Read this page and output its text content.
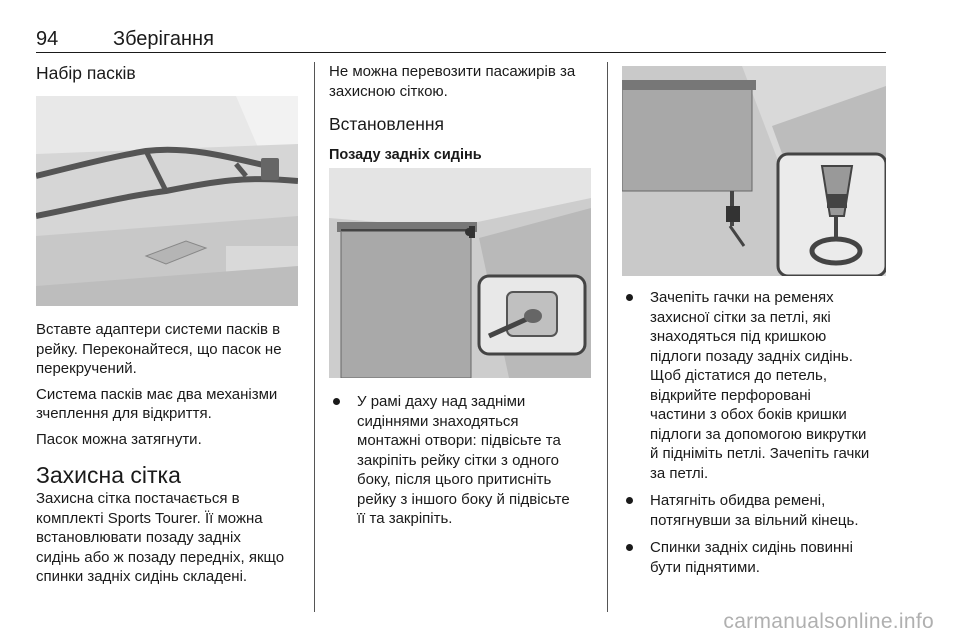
94	Зберігання
Набір пасків

Вставте адаптери системи пасків в
рейку. Переконайтеся, що пасок не
перекручений.

Система пасків має два механізми
зчеплення для відкриття.

Пасок можна затягнути.

Захисна сітка

Захисна сітка постачається в
комплекті Sports Tourer. Її можна
встановлювати позаду задніх
сидінь або ж позаду передніх, якщо
спинки задніх сидінь складені.

Не можна перевозити пасажирів за
захисною сіткою.

Встановлення
Позаду задніх сидінь

У рамі даху над задніми
сидіннями знаходяться
монтажні отвори: підвісьте та
закріпіть рейку сітки з одного
боку, після цього притисніть
рейку з іншого боку й підвісьте
її та закріпіть.

Зачепіть гачки на ременях
захисної сітки за петлі, які
знаходяться під кришкою
підлоги позаду задніх сидінь.
Щоб дістатися до петель,
відкрийте перфоровані
частини з обох боків кришки
підлоги за допомогою викрутки
й підніміть петлі. Зачепіть гачки
за петлі.

Натягніть обидва ремені,
потягнувши за вільний кінець.

Спинки задніх сидінь повинні
бути піднятими.

carmanualsonline.info
